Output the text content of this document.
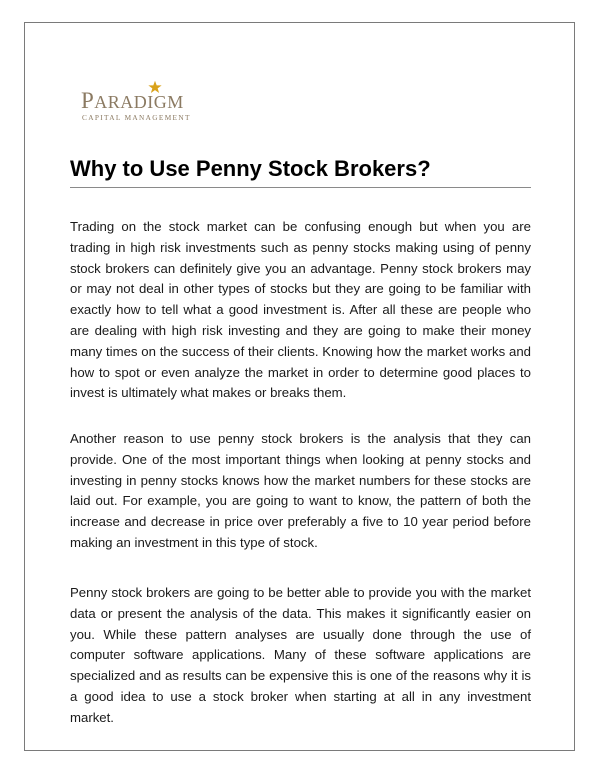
PARADIGM
CAPITAL MANAGEMENT
Why to Use Penny Stock Brokers?

Trading on the stock market can be confusing enough but when you are trading in high risk investments such as penny stocks making using of penny stock brokers can definitely give you an advantage. Penny stock brokers may or may not deal in other types of stocks but they are going to be familiar with exactly how to tell what a good investment is. After all these are people who are dealing with high risk investing and they are going to make their money many times on the success of their clients. Knowing how the market works and how to spot or even analyze the market in order to determine good places to invest is ultimately what makes or breaks them.

Another reason to use penny stock brokers is the analysis that they can provide. One of the most important things when looking at penny stocks and investing in penny stocks knows how the market numbers for these stocks are laid out. For example, you are going to want to know, the pattern of both the increase and decrease in price over preferably a five to 10 year period before making an investment in this type of stock.

Penny stock brokers are going to be better able to provide you with the market data or present the analysis of the data. This makes it significantly easier on you. While these pattern analyses are usually done through the use of computer software applications. Many of these software applications are specialized and as results can be expensive this is one of the reasons why it is a good idea to use a stock broker when starting at all in any investment market.
